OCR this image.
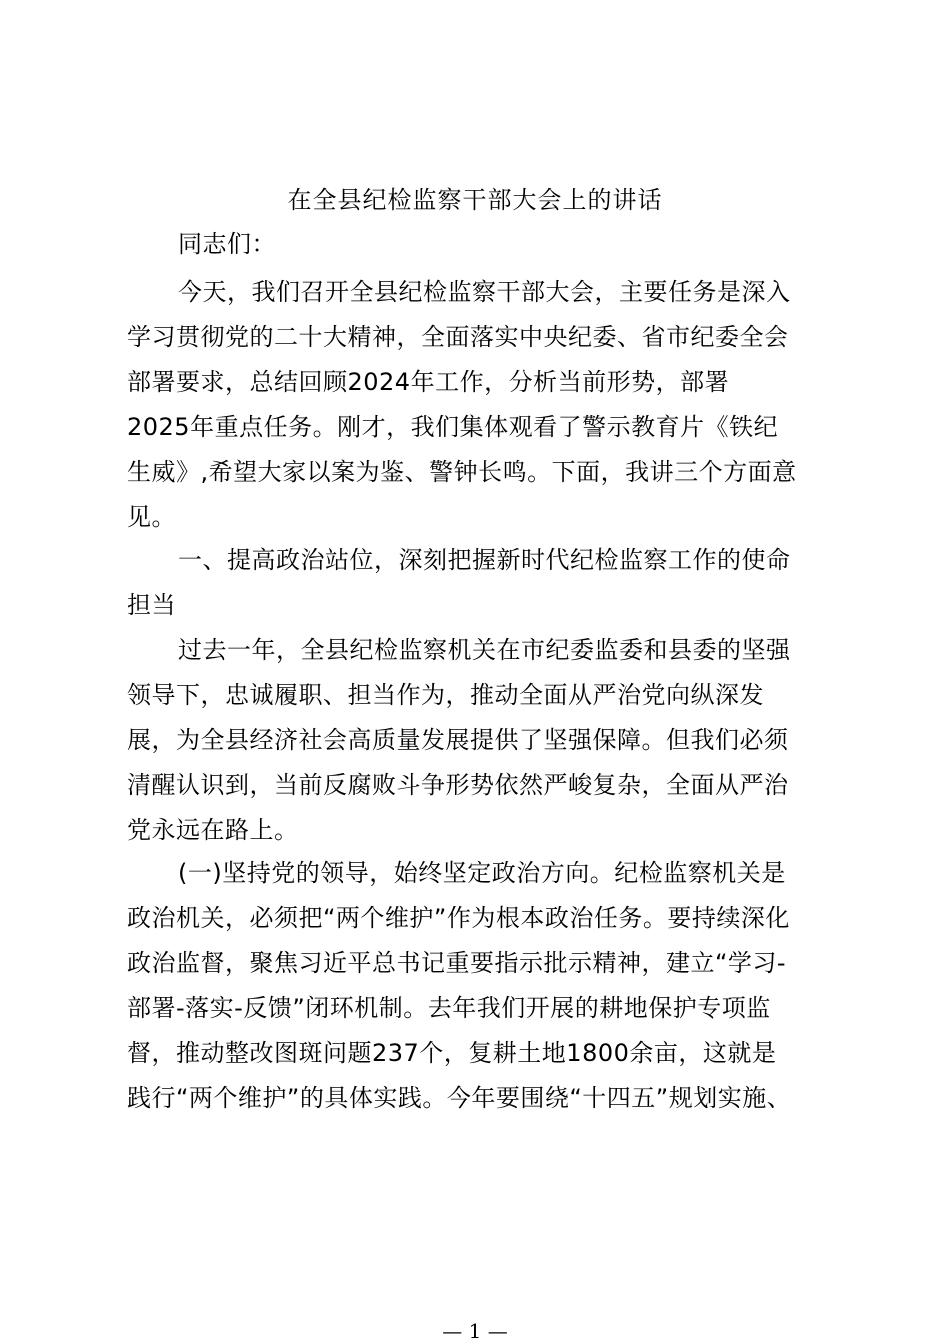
在全县纪检监察干部大会上的讲话
同志们：
今天，我们召开全县纪检监察干部大会，主要任务是深入
学习贯彻党的二十大精神，全面落实中央纪委、省市纪委全会
部署要求，总结回顾2024年工作，分析当前形势，部署
2025年重点任务。刚才，我们集体观看了警示教育片《铁纪
生威》,希望大家以案为鉴、警钟长鸣。下面，我讲三个方面意
见。
一、提高政治站位，深刻把握新时代纪检监察工作的使命
担当
过去一年，全县纪检监察机关在市纪委监委和县委的坚强
领导下，忠诚履职、担当作为，推动全面从严治党向纵深发
展，为全县经济社会高质量发展提供了坚强保障。但我们必须
清醒认识到，当前反腐败斗争形势依然严峻复杂，全面从严治
党永远在路上。
(一)坚持党的领导，始终坚定政治方向。纪检监察机关是
政治机关，必须把“两个维护”作为根本政治任务。要持续深化
政治监督，聚焦习近平总书记重要指示批示精神，建立“学习-
部署-落实-反馈”闭环机制。去年我们开展的耕地保护专项监
督，推动整改图斑问题237个，复耕土地1800余亩，这就是
践行“两个维护”的具体实践。今年要围绕“十四五”规划实施、
— 1 —
